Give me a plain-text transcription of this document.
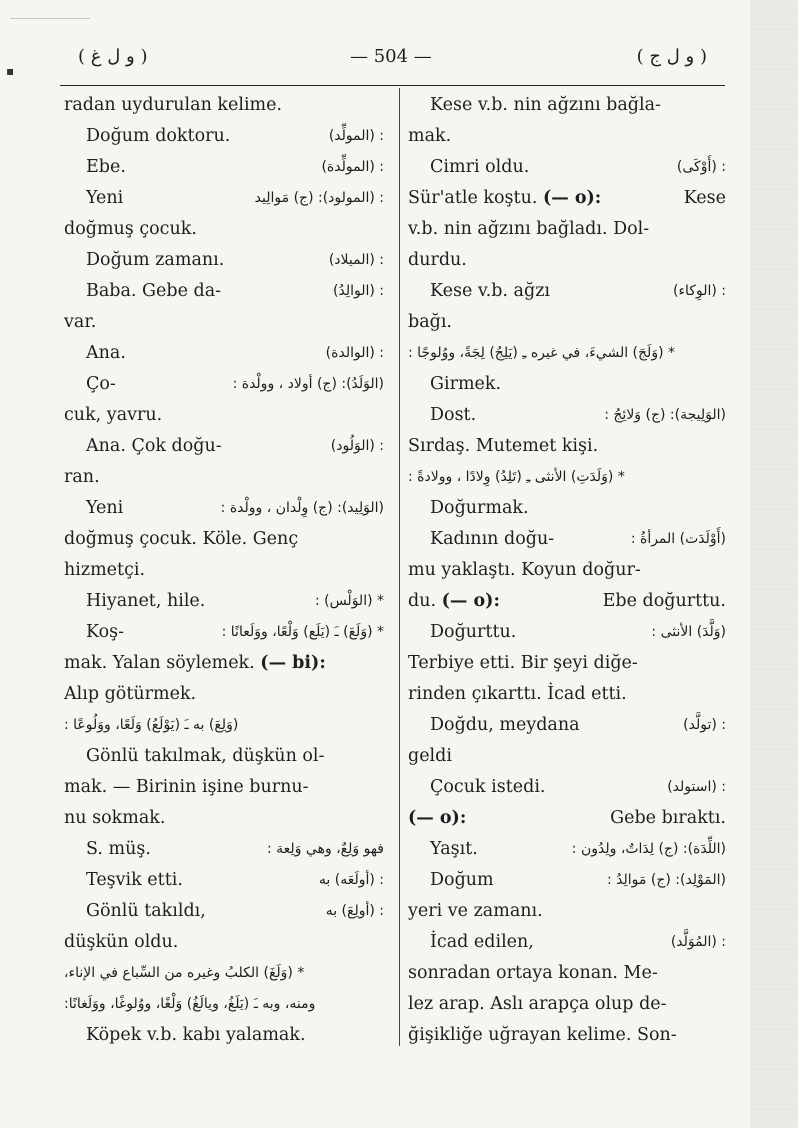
▪
( و ل غ )	— 504 —	( و ل ج )
radan uydurulan kelime.
Doğum doktoru.	: (المولِّد)
Ebe.	: (المولِّدة)
Yeni	: (المولود): (ج) مَوالِيد
doğmuş çocuk.
Doğum zamanı.	: (الميلاد)
Baba. Gebe da-	: (الوالِدُ)
var.
Ana.	: (الوالدة)
Ço-	(الوَلَدُ): (ج) أولاد ، وولْدة :
cuk, yavru.
Ana. Çok doğu-	: (الوَلُود)
ran.
Yeni	(الوَلِيد): (ج) وِلْدان ، وولْدة :
doğmuş çocuk. Köle. Genç
hizmetçi.
Hiyanet, hile.	* (الوَلْس) :
Koş-	* (وَلَعَ) ـَ (يَلَع) وَلْعًا، ووَلَعانًا :
mak. Yalan söylemek. (— bi):
Alıp götürmek.
(وَلِعَ) به ـَ (يَوْلَعُ) وَلَعًا، ووَلُوعًا :
Gönlü takılmak, düşkün ol-
mak. — Birinin işine burnu-
nu sokmak.
S. müş.	فهو وَلِعٌ، وهي وَلِعة :
Teşvik etti.	: (أولَعَه) به
Gönlü takıldı,	: (أولِعَ) به
düşkün oldu.
* (وَلَغَ) الكلبُ وغيره من السِّباع في الإناء،
ومنه، وبه ـَ (يَلَغُ، ويالَغُ) وَلْغًا، ووُلوغًا، ووَلَغانًا:
Köpek v.b. kabı yalamak.
Kese v.b. nin ağzını bağla-
mak.
Cimri oldu.	: (أَوْكَى)
Sür'atle koştu. (— o):	Kese
v.b. nin ağzını bağladı. Dol-
durdu.
Kese v.b. ağzı	: (الوِكاء)
bağı.
* (وَلَجَ) الشيءَ، في غيره ـِ (يَلِجُ) لِجَةً، ووُلوجًا :
Girmek.
Dost.	(الوَلِيجة): (ج) وَلائِجُ :
Sırdaş. Mutemet kişi.
* (وَلَدَتِ) الأنثى ـِ (تَلِدُ) وِلادًا ، وولادةً :
Doğurmak.
Kadının doğu-	(أَوْلَدَت) المرأةُ :
mu yaklaştı. Koyun doğur-
du. (— o):	Ebe doğurttu.
Doğurttu.	(وَلَّدَ) الأنثى :
Terbiye etti. Bir şeyi diğe-
rinden çıkarttı. İcad etti.
Doğdu, meydana	: (تولَّد)
geldi
Çocuk istedi.	: (استولد)
(— o):	Gebe bıraktı.
Yaşıt.	(اللِّدَة): (ج) لِدَاتٌ، ولِدُون :
Doğum	(المَوْلِد): (ج) مَوالِدُ :
yeri ve zamanı.
İcad edilen,	: (المُوَلَّد)
sonradan ortaya konan. Me-
lez arap. Aslı arapça olup de-
ğişikliğe uğrayan kelime. Son-
